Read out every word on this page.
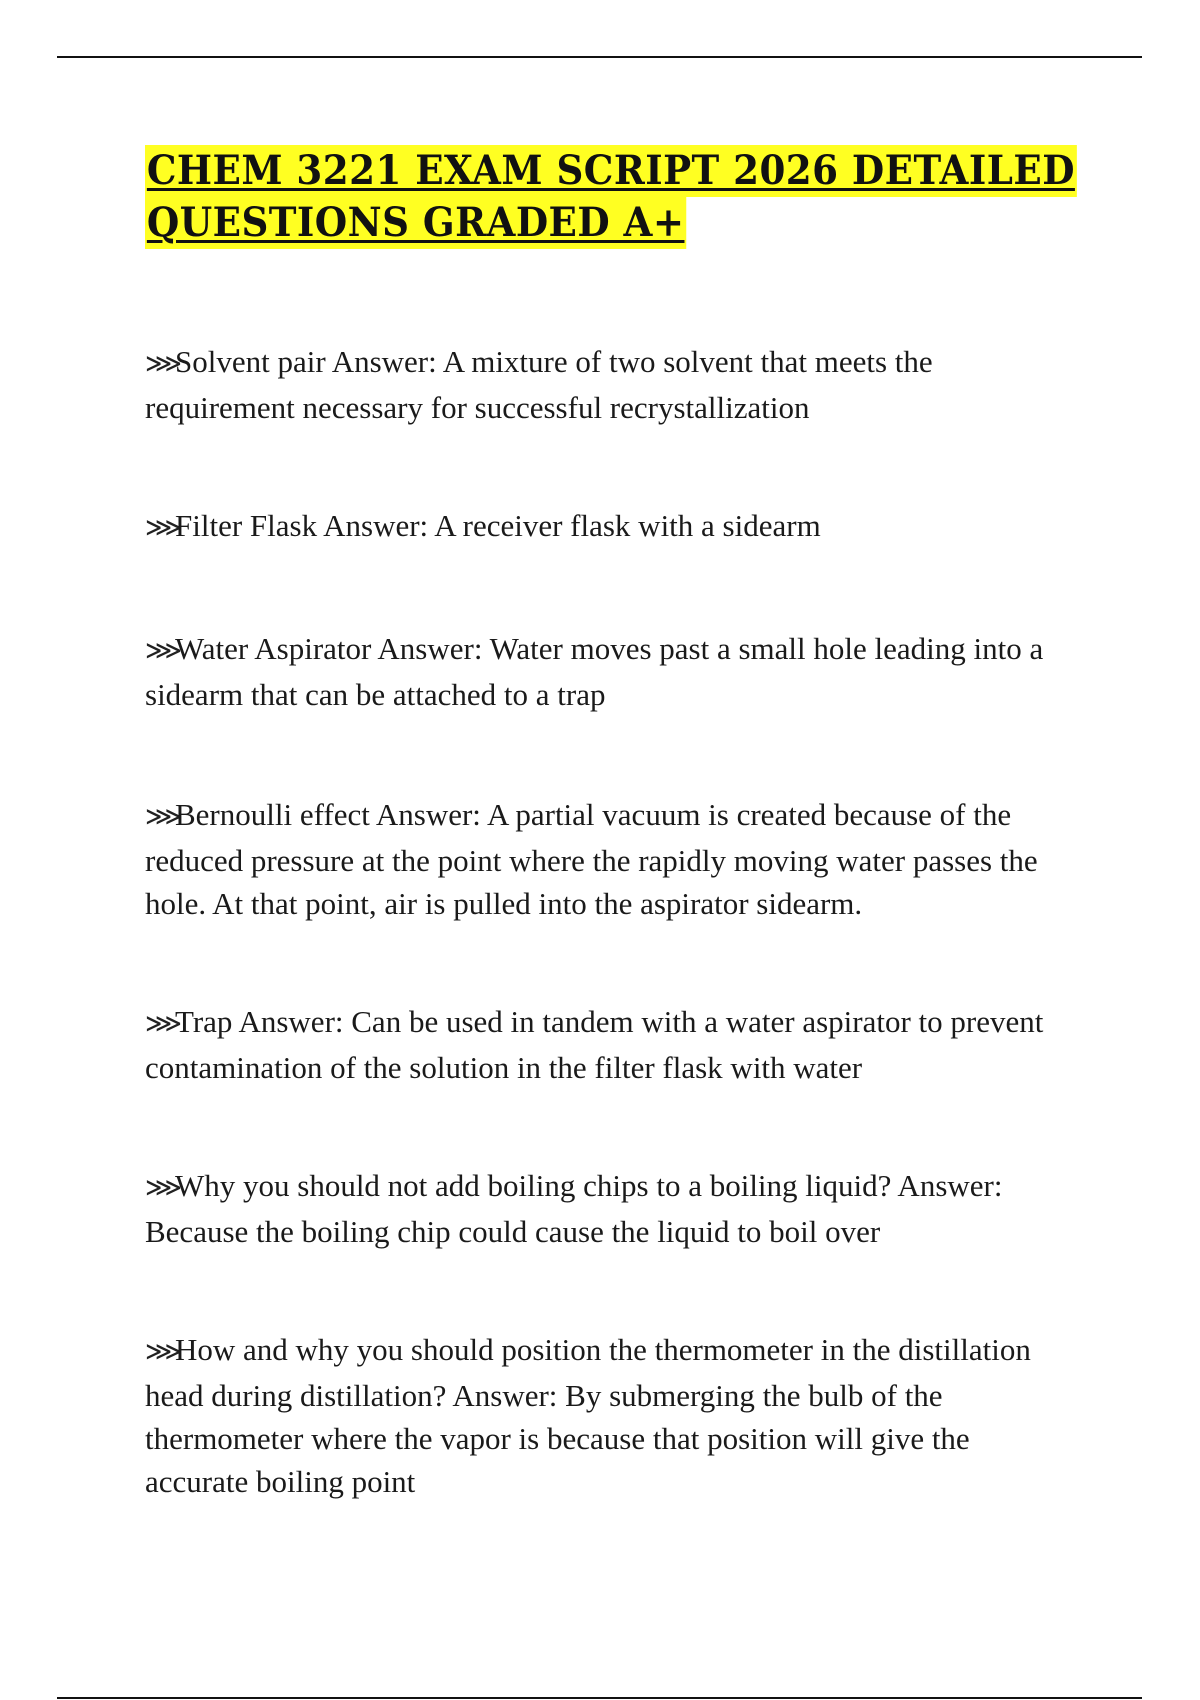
CHEM 3221 EXAM SCRIPT 2026 DETAILED
QUESTIONS GRADED A+

⋙Solvent pair Answer: A mixture of two solvent that meets the requirement necessary for successful recrystallization

⋙Filter Flask Answer: A receiver flask with a sidearm

⋙Water Aspirator Answer: Water moves past a small hole leading into a sidearm that can be attached to a trap

⋙Bernoulli effect Answer: A partial vacuum is created because of the reduced pressure at the point where the rapidly moving water passes the hole. At that point, air is pulled into the aspirator sidearm.

⋙Trap Answer: Can be used in tandem with a water aspirator to prevent contamination of the solution in the filter flask with water

⋙Why you should not add boiling chips to a boiling liquid? Answer: Because the boiling chip could cause the liquid to boil over

⋙How and why you should position the thermometer in the distillation head during distillation? Answer: By submerging the bulb of the thermometer where the vapor is because that position will give the accurate boiling point
